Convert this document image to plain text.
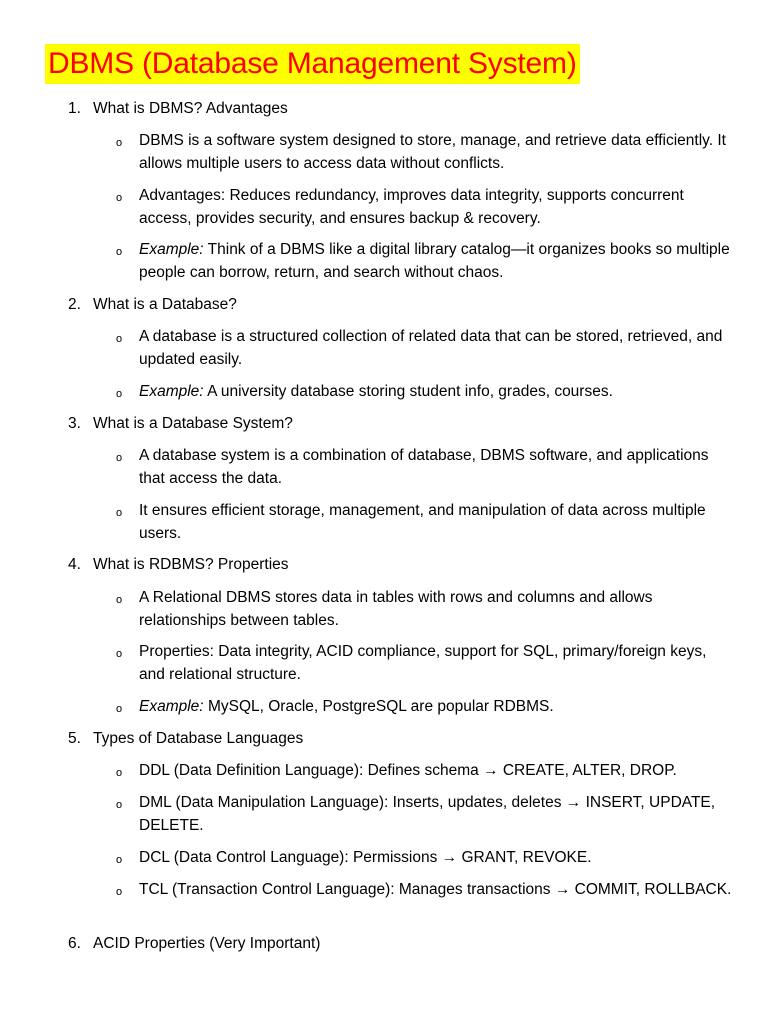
DBMS (Database Management System)
1. What is DBMS? Advantages
o DBMS is a software system designed to store, manage, and retrieve data efficiently. It allows multiple users to access data without conflicts.
o Advantages: Reduces redundancy, improves data integrity, supports concurrent access, provides security, and ensures backup & recovery.
o Example: Think of a DBMS like a digital library catalog—it organizes books so multiple people can borrow, return, and search without chaos.
2. What is a Database?
o A database is a structured collection of related data that can be stored, retrieved, and updated easily.
o Example: A university database storing student info, grades, courses.
3. What is a Database System?
o A database system is a combination of database, DBMS software, and applications that access the data.
o It ensures efficient storage, management, and manipulation of data across multiple users.
4. What is RDBMS? Properties
o A Relational DBMS stores data in tables with rows and columns and allows relationships between tables.
o Properties: Data integrity, ACID compliance, support for SQL, primary/foreign keys, and relational structure.
o Example: MySQL, Oracle, PostgreSQL are popular RDBMS.
5. Types of Database Languages
o DDL (Data Definition Language): Defines schema → CREATE, ALTER, DROP.
o DML (Data Manipulation Language): Inserts, updates, deletes → INSERT, UPDATE, DELETE.
o DCL (Data Control Language): Permissions → GRANT, REVOKE.
o TCL (Transaction Control Language): Manages transactions → COMMIT, ROLLBACK.
6. ACID Properties (Very Important)
